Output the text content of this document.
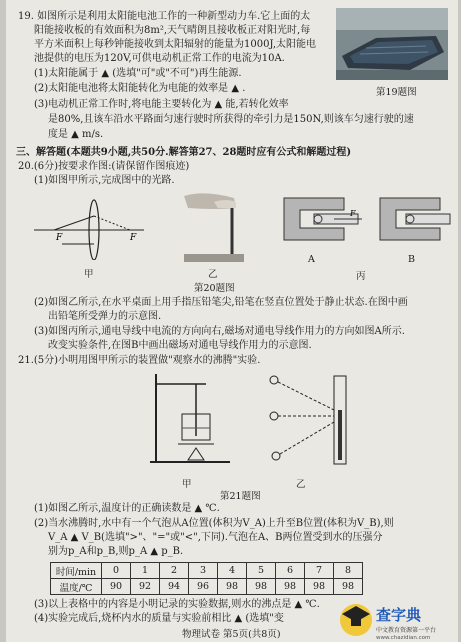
19. 如图所示是利用太阳能电池工作的一种新型动力车.它上面的太
阳能接收板的有效面积为8m²,天气晴朗且接收板正对阳光时,每
平方米面积上每秒钟能接收到太阳辐射的能量为1000J,太阳能电
池提供的电压为120V,可供电动机正常工作的电流为10A.
(1)太阳能属于 ▲ (选填"可"或"不可")再生能源.
(2)太阳能电池将太阳能转化为电能的效率是 ▲ .
(3)电动机正常工作时,将电能主要转化为 ▲ 能,若转化效率
是80%,且该车沿水平路面匀速行驶时所获得的牵引力是150N,则该车匀速行驶的速
度是 ▲ m/s.
第19题图
三、解答题(本题共9小题,共50分.解答第27、28题时应有公式和解题过程)
20.(6分)按要求作图:(请保留作图痕迹)
(1)如图甲所示,完成图中的光路.
F	F
甲	乙
F
A	B
丙
第20题图
(2)如图乙所示,在水平桌面上用手指压铅笔尖,铅笔在竖直位置处于静止状态.在图中画
出铅笔所受弹力的示意图.
(3)如图丙所示,通电导线中电流的方向向右,磁场对通电导线作用力的方向如图A所示.
改变实验条件,在图B中画出磁场对通电导线作用力的示意图.
21.(5分)小明用图甲所示的装置做"观察水的沸腾"实验.
甲	乙
第21题图
(1)如图乙所示,温度计的正确读数是 ▲ ℃.
(2)当水沸腾时,水中有一个气泡从A位置(体积为V_A)上升至B位置(体积为V_B),则
V_A ▲ V_B(选填">"、"="或"<",下同).气泡在A、B两位置受到水的压强分
别为p_A和p_B,则p_A ▲ p_B.
时间/min	0	1	2	3	4	5	6	7	8
温度/℃	90	92	94	96	98	98	98	98	98
(3)以上表格中的内容是小明记录的实验数据,则水的沸点是 ▲ ℃.
(4)实验完成后,烧杯内水的质量与实验前相比 ▲ (选填"变
物理试卷 第5页(共8页)
查字典
中文教育资源第一平台
www.chazidian.com
